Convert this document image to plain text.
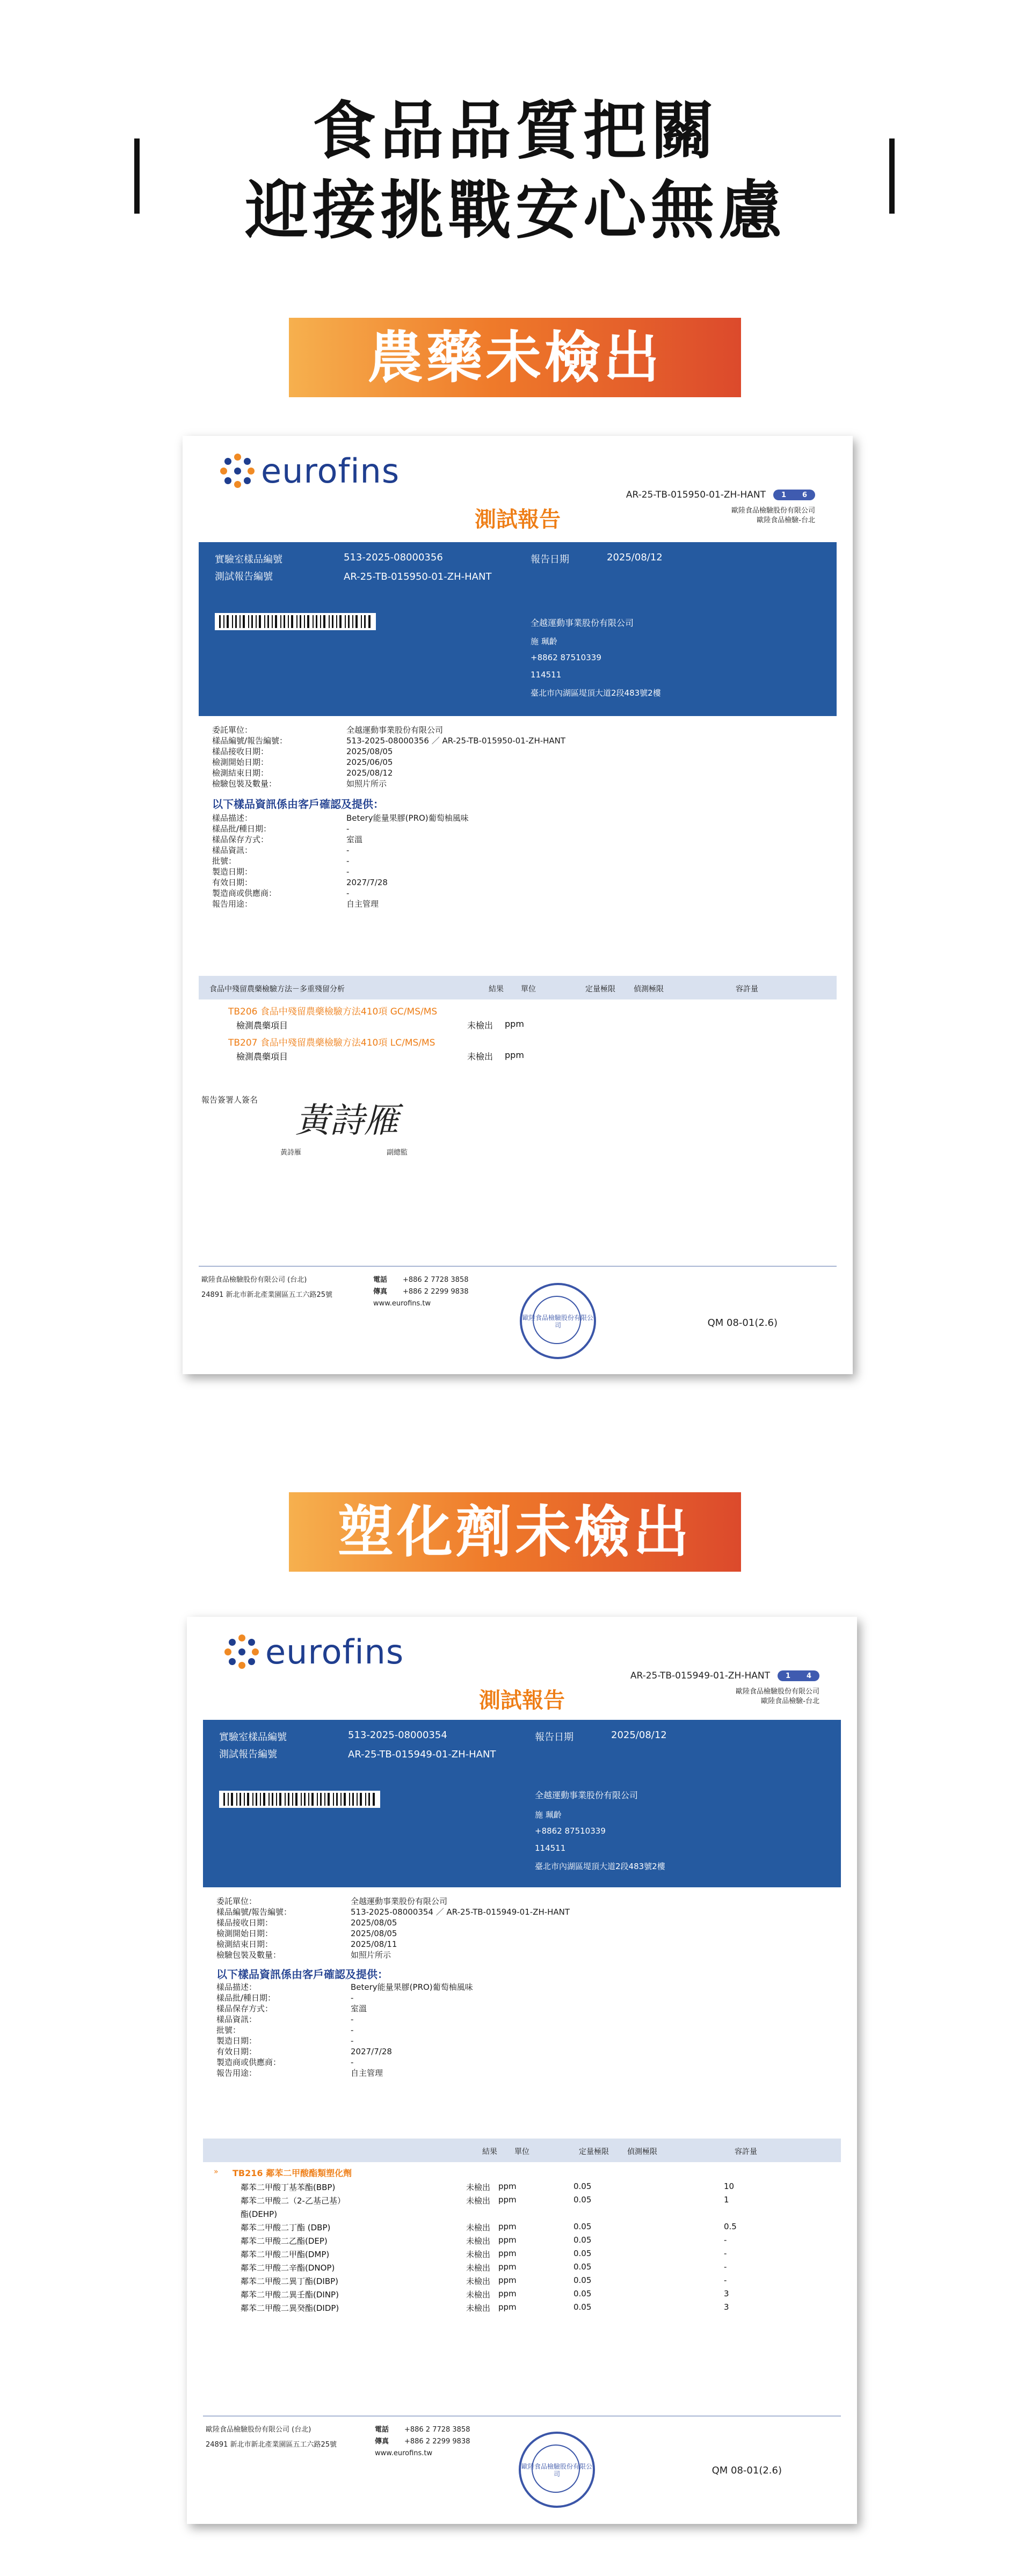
食品品質把關
迎接挑戰安心無慮
農藥未檢出
eurofins
AR-25-TB-015950-01-ZH-HANT 1 6
歐陸食品檢驗股份有限公司
歐陸食品檢驗-台北
測試報告
實驗室樣品編號	513-2025-08000356	報告日期	2025/08/12
測試報告編號	AR-25-TB-015950-01-ZH-HANT
全越運動事業股份有限公司
施 珮齡
+8862 87510339
114511
臺北市內湖區堤頂大道2段483號2樓
委託單位：	全越運動事業股份有限公司
樣品編號/報告編號：	513-2025-08000356 ／ AR-25-TB-015950-01-ZH-HANT
樣品接收日期：	2025/08/05
檢測開始日期：	2025/06/05
檢測結束日期：	2025/08/12
檢驗包裝及數量：	如照片所示
以下樣品資訊係由客戶確認及提供：
樣品描述：	Betery能量果膠(PRO)葡萄柚風味
樣品批/種日期：	-
樣品保存方式：	室溫
樣品資訊：	-
批號：	-
製造日期：	-
有效日期：	2027/7/28
製造商或供應商：	-
報告用途：	自主管理
食品中殘留農藥檢驗方法－多重殘留分析	結果 單位	定量極限 偵測極限	容許量
TB206 食品中殘留農藥檢驗方法410項 GC/MS/MS
檢測農藥項目	未檢出 ppm
TB207 食品中殘留農藥檢驗方法410項 LC/MS/MS
檢測農藥項目	未檢出 ppm
報告簽署人簽名
黃詩雁
黃詩雁	副總監
歐陸食品檢驗股份有限公司 (台北)
24891 新北市新北產業園區五工六路25號
電話 +886 2 7728 3858
傳真 +886 2 2299 9838
www.eurofins.tw
歐陸食品檢驗股份有限公司	QM 08-01(2.6)
塑化劑未檢出
eurofins
AR-25-TB-015949-01-ZH-HANT 1 4
歐陸食品檢驗股份有限公司
歐陸食品檢驗-台北
測試報告
實驗室樣品編號	513-2025-08000354	報告日期	2025/08/12
測試報告編號	AR-25-TB-015949-01-ZH-HANT
全越運動事業股份有限公司
施 珮齡
+8862 87510339
114511
臺北市內湖區堤頂大道2段483號2樓
委託單位：	全越運動事業股份有限公司
樣品編號/報告編號：	513-2025-08000354 ／ AR-25-TB-015949-01-ZH-HANT
樣品接收日期：	2025/08/05
檢測開始日期：	2025/08/05
檢測結束日期：	2025/08/11
檢驗包裝及數量：	如照片所示
以下樣品資訊係由客戶確認及提供：
樣品描述：	Betery能量果膠(PRO)葡萄柚風味
樣品批/種日期：	-
樣品保存方式：	室溫
樣品資訊：	-
批號：	-
製造日期：	-
有效日期：	2027/7/28
製造商或供應商：	-
報告用途：	自主管理
結果 單位	定量極限 偵測極限	容許量
» TB216 鄰苯二甲酸酯類塑化劑
鄰苯二甲酸丁基苯酯(BBP)	未檢出 ppm	0.05	10
鄰苯二甲酸二（2-乙基己基）	未檢出 ppm	0.05	1
酯(DEHP)
鄰苯二甲酸二丁酯 (DBP)	未檢出 ppm	0.05	0.5
鄰苯二甲酸二乙酯(DEP)	未檢出 ppm	0.05	-
鄰苯二甲酸二甲酯(DMP)	未檢出 ppm	0.05	-
鄰苯二甲酸二辛酯(DNOP)	未檢出 ppm	0.05	-
鄰苯二甲酸二異丁酯(DIBP)	未檢出 ppm	0.05	-
鄰苯二甲酸二異壬酯(DINP)	未檢出 ppm	0.05	3
鄰苯二甲酸二異癸酯(DIDP)	未檢出 ppm	0.05	3
歐陸食品檢驗股份有限公司 (台北)
24891 新北市新北產業園區五工六路25號
電話 +886 2 7728 3858
傳真 +886 2 2299 9838
www.eurofins.tw
歐陸食品檢驗股份有限公司	QM 08-01(2.6)
